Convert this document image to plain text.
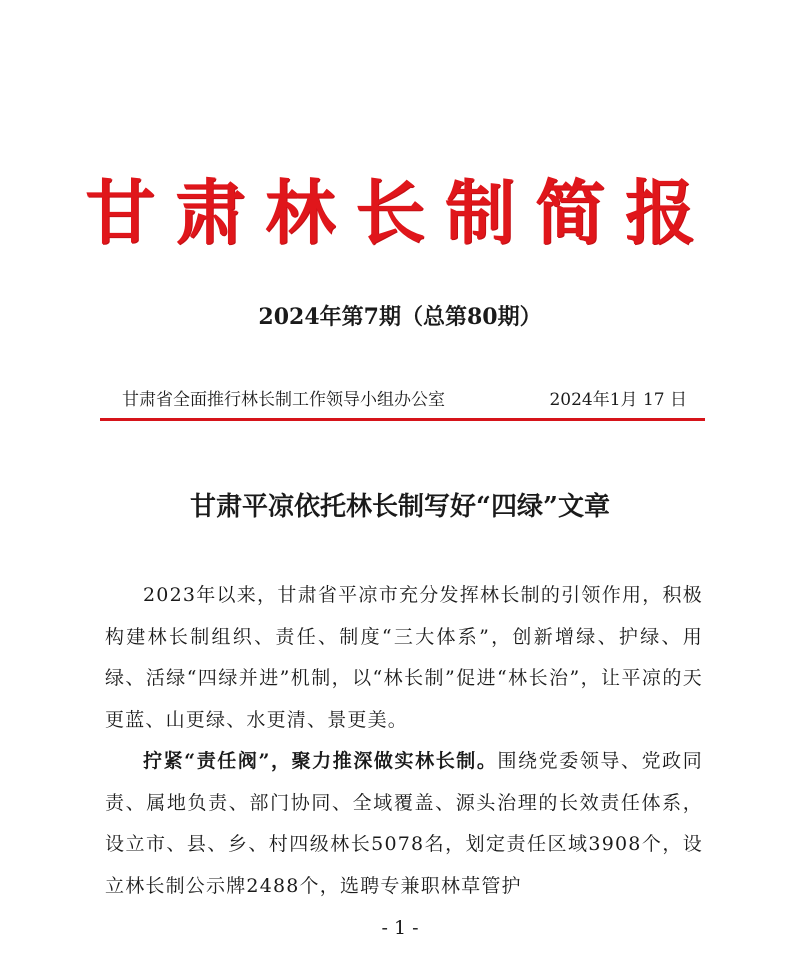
甘肃林长制简报
2024年第7期（总第80期）
甘肃省全面推行林长制工作领导小组办公室	2024年1月 17 日
甘肃平凉依托林长制写好“四绿”文章

2023年以来，甘肃省平凉市充分发挥林长制的引领作用，积极构建林长制组织、责任、制度“三大体系”，创新增绿、护绿、用绿、活绿“四绿并进”机制，以“林长制”促进“林长治”，让平凉的天更蓝、山更绿、水更清、景更美。

拧紧“责任阀”，聚力推深做实林长制。围绕党委领导、党政同责、属地负责、部门协同、全域覆盖、源头治理的长效责任体系，设立市、县、乡、村四级林长5078名，划定责任区域3908个，设立林长制公示牌2488个，选聘专兼职林草管护

- 1 -
